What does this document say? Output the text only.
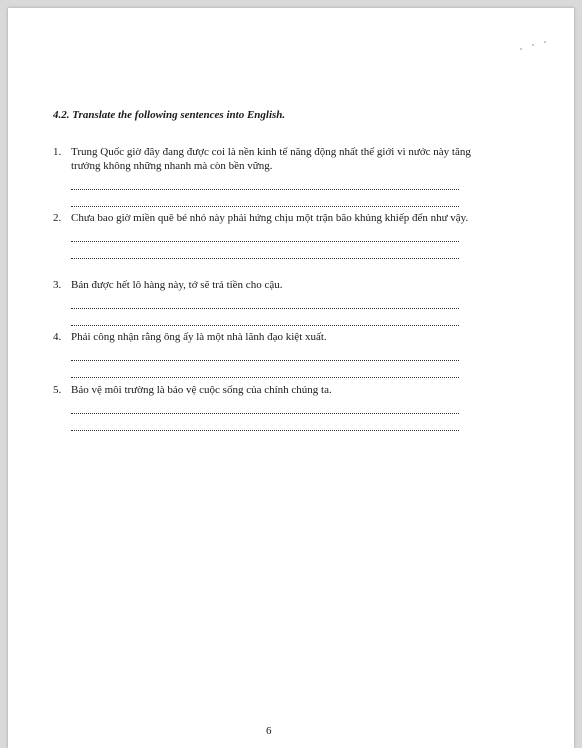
4.2. Translate the following sentences into English.
1. Trung Quốc giờ đây đang được coi là nền kinh tế năng động nhất thế giới vì nước này tăng trưởng không những nhanh mà còn bền vững.
2. Chưa bao giờ miền quê bé nhỏ này phải hứng chịu một trận bão khủng khiếp đến như vậy.
3. Bán được hết lô hàng này, tớ sẽ trả tiền cho cậu.
4. Phải công nhận rằng ông ấy là một nhà lãnh đạo kiệt xuất.
5. Bảo vệ môi trường là bảo vệ cuộc sống của chính chúng ta.
6
